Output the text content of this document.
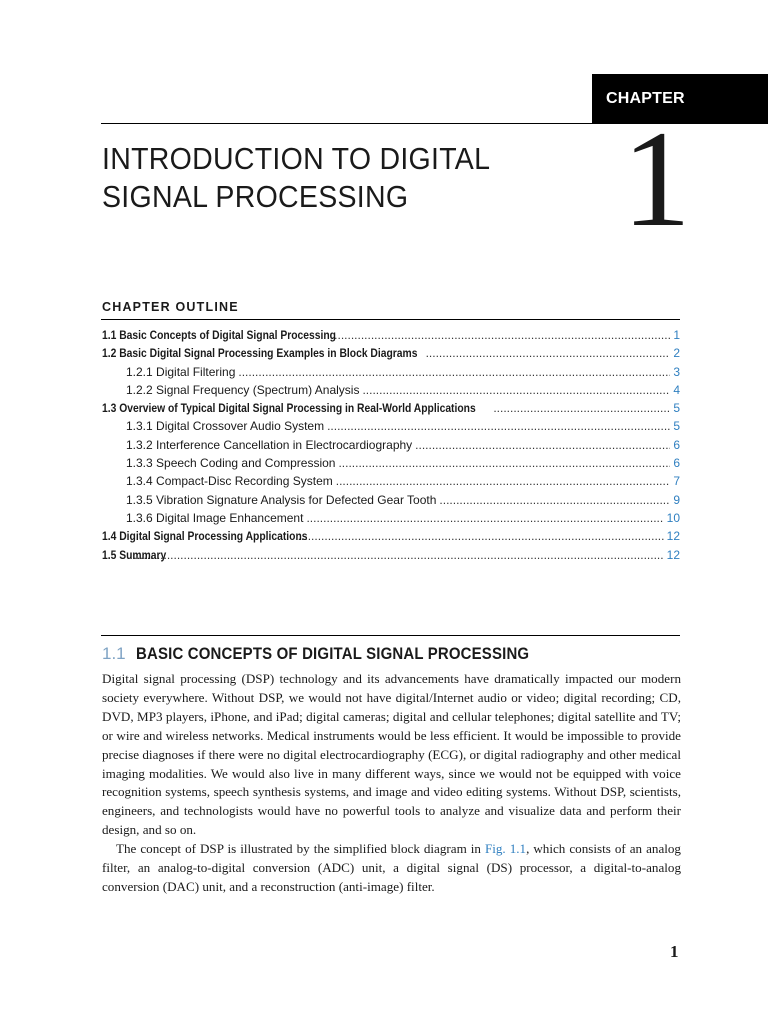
CHAPTER
INTRODUCTION TO DIGITAL
SIGNAL PROCESSING	1
CHAPTER OUTLINE
1.1 Basic Concepts of Digital Signal Processing .....	1
1.2 Basic Digital Signal Processing Examples in Block Diagrams .....	2
1.2.1 Digital Filtering .....	3
1.2.2 Signal Frequency (Spectrum) Analysis .....	4
1.3 Overview of Typical Digital Signal Processing in Real-World Applications .....	5
1.3.1 Digital Crossover Audio System .....	5
1.3.2 Interference Cancellation in Electrocardiography .....	6
1.3.3 Speech Coding and Compression .....	6
1.3.4 Compact-Disc Recording System .....	7
1.3.5 Vibration Signature Analysis for Defected Gear Tooth .....	9
1.3.6 Digital Image Enhancement .....	10
1.4 Digital Signal Processing Applications .....	12
1.5 Summary .....	12
1.1 BASIC CONCEPTS OF DIGITAL SIGNAL PROCESSING

Digital signal processing (DSP) technology and its advancements have dramatically impacted our modern society everywhere. Without DSP, we would not have digital/Internet audio or video; digital recording; CD, DVD, MP3 players, iPhone, and iPad; digital cameras; digital and cellular telephones; digital satellite and TV; or wire and wireless networks. Medical instruments would be less efficient. It would be impossible to provide precise diagnoses if there were no digital electrocardiography (ECG), or digital radiography and other medical imaging modalities. We would also live in many different ways, since we would not be equipped with voice recognition systems, speech synthesis systems, and image and video editing systems. Without DSP, scientists, engineers, and technologists would have no powerful tools to analyze and visualize data and perform their design, and so on.

The concept of DSP is illustrated by the simplified block diagram in Fig. 1.1, which consists of an analog filter, an analog-to-digital conversion (ADC) unit, a digital signal (DS) processor, a digital-to-analog conversion (DAC) unit, and a reconstruction (anti-image) filter.

1
